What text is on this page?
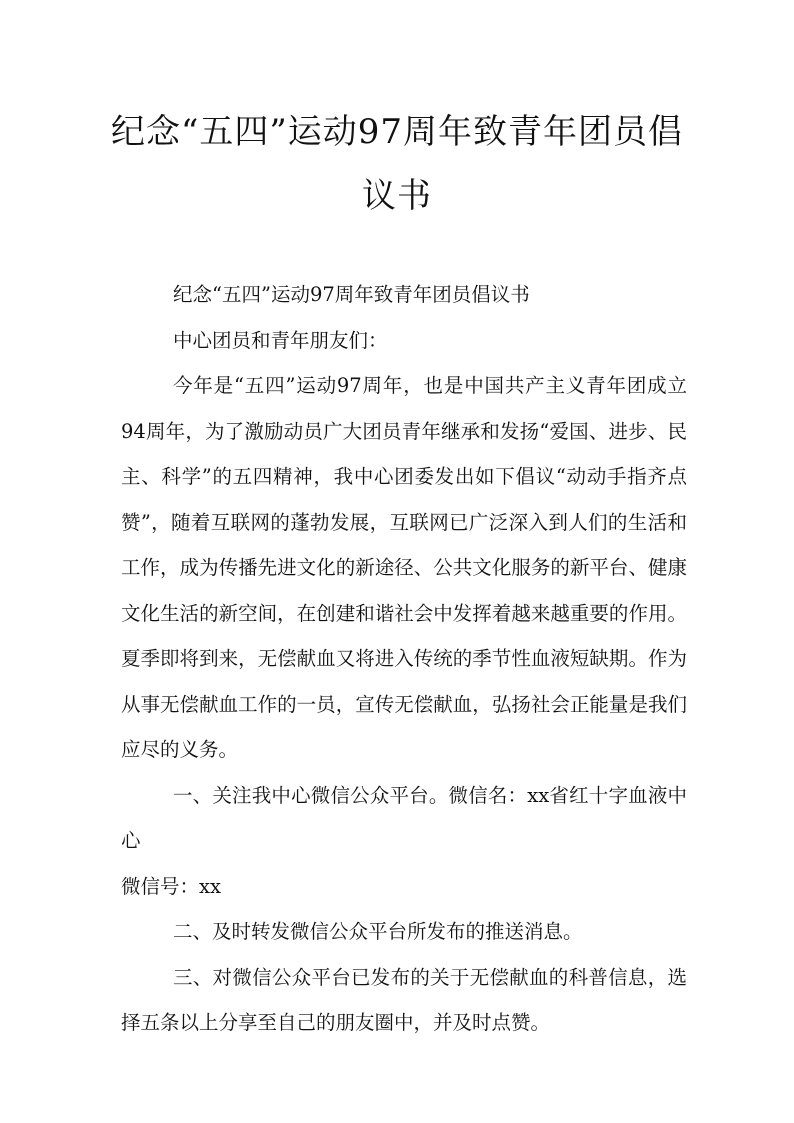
纪念“五四”运动97周年致青年团员倡议书

纪念“五四”运动97周年致青年团员倡议书

中心团员和青年朋友们：

今年是“五四”运动97周年，也是中国共产主义青年团成立94周年，为了激励动员广大团员青年继承和发扬“爱国、进步、民主、科学”的五四精神，我中心团委发出如下倡议“动动手指齐点赞”，随着互联网的蓬勃发展，互联网已广泛深入到人们的生活和工作，成为传播先进文化的新途径、公共文化服务的新平台、健康文化生活的新空间，在创建和谐社会中发挥着越来越重要的作用。夏季即将到来，无偿献血又将进入传统的季节性血液短缺期。作为从事无偿献血工作的一员，宣传无偿献血，弘扬社会正能量是我们应尽的义务。

一、关注我中心微信公众平台。微信名：xx省红十字血液中心

微信号：xx

二、及时转发微信公众平台所发布的推送消息。

三、对微信公众平台已发布的关于无偿献血的科普信息，选择五条以上分享至自己的朋友圈中，并及时点赞。
